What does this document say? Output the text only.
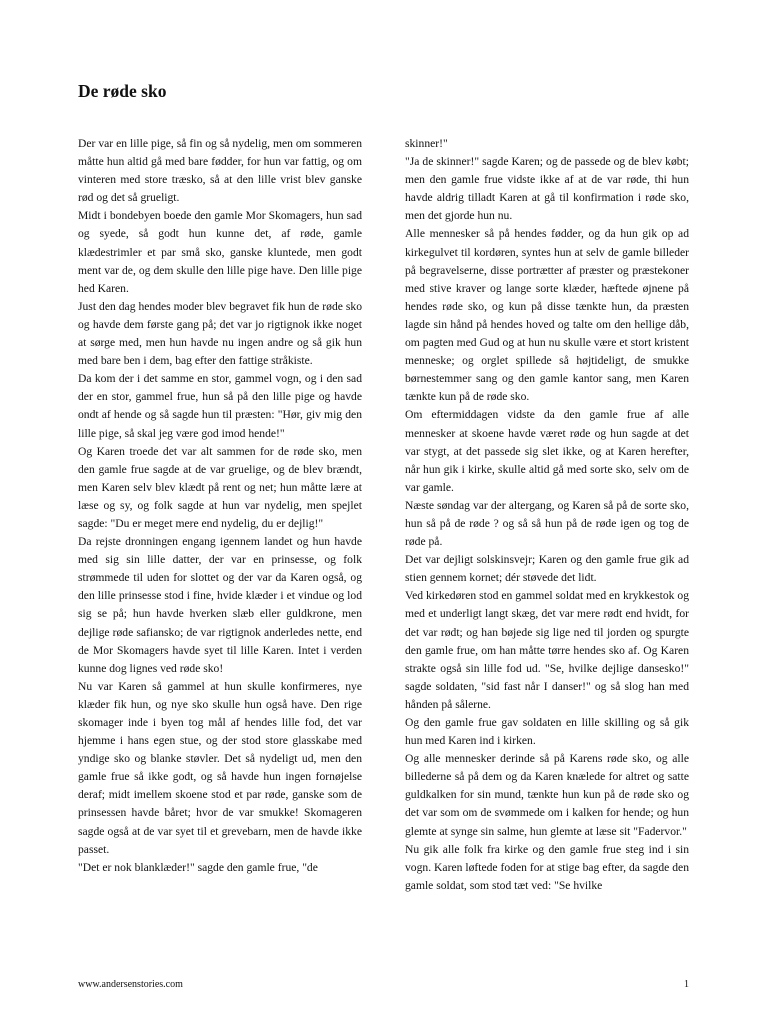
De røde sko

Der var en lille pige, så fin og så nydelig, men om sommeren måtte hun altid gå med bare fødder, for hun var fattig, og om vinteren med store træsko, så at den lille vrist blev ganske rød og det så grueligt.

Midt i bondebyen boede den gamle Mor Skomagers, hun sad og syede, så godt hun kunne det, af røde, gamle klædestrimler et par små sko, ganske kluntede, men godt ment var de, og dem skulle den lille pige have. Den lille pige hed Karen.

Just den dag hendes moder blev begravet fik hun de røde sko og havde dem første gang på; det var jo rigtignok ikke noget at sørge med, men hun havde nu ingen andre og så gik hun med bare ben i dem, bag efter den fattige stråkiste.

Da kom der i det samme en stor, gammel vogn, og i den sad der en stor, gammel frue, hun så på den lille pige og havde ondt af hende og så sagde hun til præsten: "Hør, giv mig den lille pige, så skal jeg være god imod hende!"

Og Karen troede det var alt sammen for de røde sko, men den gamle frue sagde at de var gruelige, og de blev brændt, men Karen selv blev klædt på rent og net; hun måtte lære at læse og sy, og folk sagde at hun var nydelig, men spejlet sagde: "Du er meget mere end nydelig, du er dejlig!"

Da rejste dronningen engang igennem landet og hun havde med sig sin lille datter, der var en prinsesse, og folk strømmede til uden for slottet og der var da Karen også, og den lille prinsesse stod i fine, hvide klæder i et vindue og lod sig se på; hun havde hverken slæb eller guldkrone, men dejlige røde safiansko; de var rigtignok anderledes nette, end de Mor Skomagers havde syet til lille Karen. Intet i verden kunne dog lignes ved røde sko!

Nu var Karen så gammel at hun skulle konfirmeres, nye klæder fik hun, og nye sko skulle hun også have. Den rige skomager inde i byen tog mål af hendes lille fod, det var hjemme i hans egen stue, og der stod store glasskabe med yndige sko og blanke støvler. Det så nydeligt ud, men den gamle frue så ikke godt, og så havde hun ingen fornøjelse deraf; midt imellem skoene stod et par røde, ganske som de prinsessen havde båret; hvor de var smukke! Skomageren sagde også at de var syet til et grevebarn, men de havde ikke passet.

"Det er nok blanklæder!" sagde den gamle frue, "de

skinner!"

"Ja de skinner!" sagde Karen; og de passede og de blev købt; men den gamle frue vidste ikke af at de var røde, thi hun havde aldrig tilladt Karen at gå til konfirmation i røde sko, men det gjorde hun nu.

Alle mennesker så på hendes fødder, og da hun gik op ad kirkegulvet til kordøren, syntes hun at selv de gamle billeder på begravelserne, disse portrætter af præster og præstekoner med stive kraver og lange sorte klæder, hæftede øjnene på hendes røde sko, og kun på disse tænkte hun, da præsten lagde sin hånd på hendes hoved og talte om den hellige dåb, om pagten med Gud og at hun nu skulle være et stort kristent menneske; og orglet spillede så højtideligt, de smukke børnestemmer sang og den gamle kantor sang, men Karen tænkte kun på de røde sko.

Om eftermiddagen vidste da den gamle frue af alle mennesker at skoene havde været røde og hun sagde at det var stygt, at det passede sig slet ikke, og at Karen herefter, når hun gik i kirke, skulle altid gå med sorte sko, selv om de var gamle.

Næste søndag var der altergang, og Karen så på de sorte sko, hun så på de røde ? og så så hun på de røde igen og tog de røde på.

Det var dejligt solskinsvejr; Karen og den gamle frue gik ad stien gennem kornet; dér støvede det lidt.

Ved kirkedøren stod en gammel soldat med en krykkestok og med et underligt langt skæg, det var mere rødt end hvidt, for det var rødt; og han bøjede sig lige ned til jorden og spurgte den gamle frue, om han måtte tørre hendes sko af. Og Karen strakte også sin lille fod ud. "Se, hvilke dejlige dansesko!" sagde soldaten, "sid fast når I danser!" og så slog han med hånden på sålerne.

Og den gamle frue gav soldaten en lille skilling og så gik hun med Karen ind i kirken.

Og alle mennesker derinde så på Karens røde sko, og alle billederne så på dem og da Karen knælede for altret og satte guldkalken for sin mund, tænkte hun kun på de røde sko og det var som om de svømmede om i kalken for hende; og hun glemte at synge sin salme, hun glemte at læse sit "Fadervor."

Nu gik alle folk fra kirke og den gamle frue steg ind i sin vogn. Karen løftede foden for at stige bag efter, da sagde den gamle soldat, som stod tæt ved: "Se hvilke

www.andersenstories.com	1
